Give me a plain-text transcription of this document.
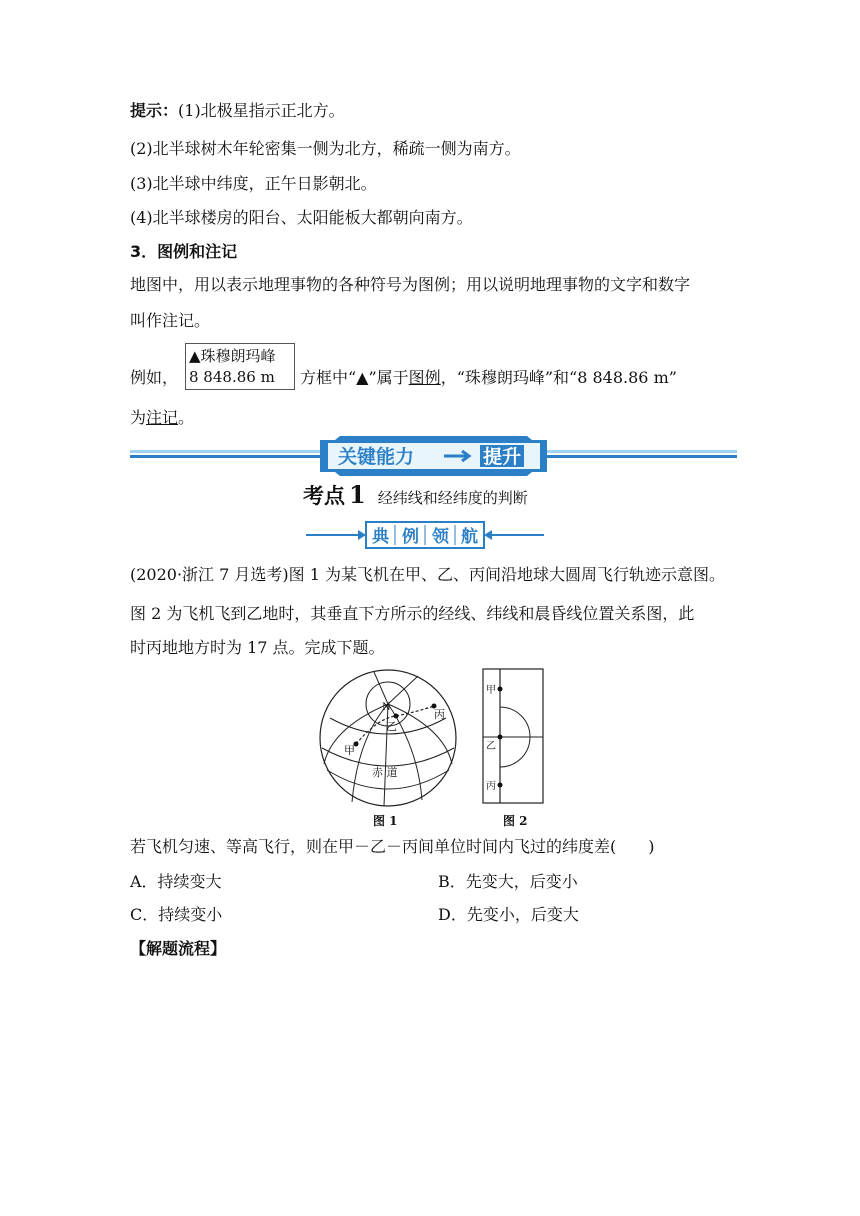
提示：(1)北极星指示正北方。
(2)北半球树木年轮密集一侧为北方，稀疏一侧为南方。
(3)北半球中纬度，正午日影朝北。
(4)北半球楼房的阳台、太阳能板大都朝向南方。
3．图例和注记
地图中，用以表示地理事物的各种符号为图例；用以说明地理事物的文字和数字
叫作注记。
例如，
▲珠穆朗玛峰
8 848.86 m	方框中“▲”属于图例，“珠穆朗玛峰”和“8 848.86 m”
为注记。
关键能力	提升
考点 1 经纬线和经纬度的判断
典 例 领 航
(2020·浙江 7 月选考)图 1 为某飞机在甲、乙、丙间沿地球大圆周飞行轨迹示意图。
图 2 为飞机飞到乙地时，其垂直下方所示的经线、纬线和晨昏线位置关系图，此
时丙地地方时为 17 点。完成下题。
N
甲
乙
丙
赤 道
图 1
甲
乙
丙
图 2
若飞机匀速、等高飞行，则在甲－乙－丙间单位时间内飞过的纬度差(　　)
A．持续变大	B．先变大，后变小
C．持续变小	D．先变小，后变大
【解题流程】
